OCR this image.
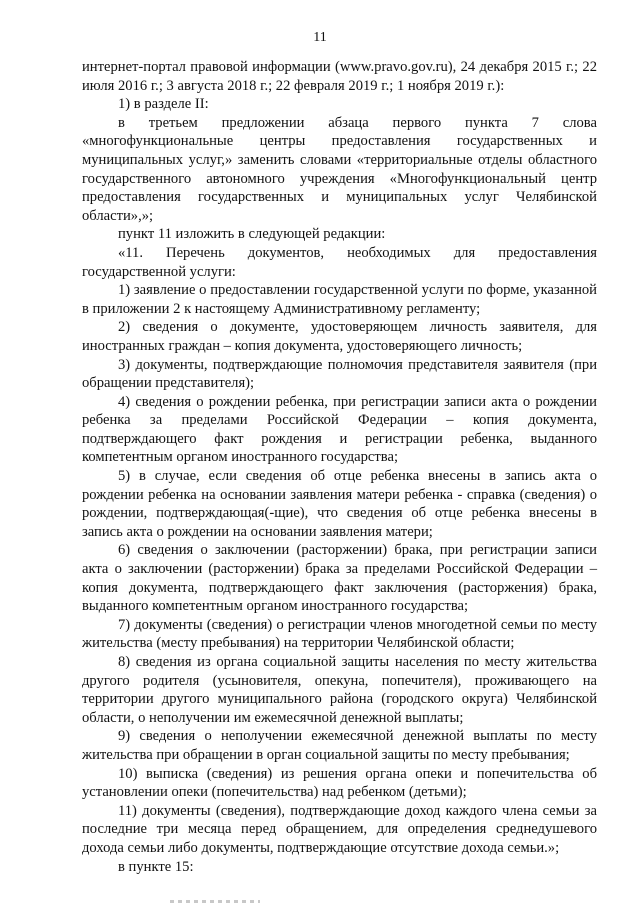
11

интернет-портал правовой информации (www.pravo.gov.ru), 24 декабря 2015 г.; 22 июля 2016 г.; 3 августа 2018 г.; 22 февраля 2019 г.; 1 ноября 2019 г.):

1) в разделе II:

в третьем предложении абзаца первого пункта 7 слова «многофункциональные центры предоставления государственных и муниципальных услуг,» заменить словами «территориальные отделы областного государственного автономного учреждения «Многофункциональный центр предоставления государственных и муниципальных услуг Челябинской области»,»;

пункт 11 изложить в следующей редакции:

«11. Перечень документов, необходимых для предоставления государственной услуги:

1) заявление о предоставлении государственной услуги по форме, указанной в приложении 2 к настоящему Административному регламенту;

2) сведения о документе, удостоверяющем личность заявителя, для иностранных граждан – копия документа, удостоверяющего личность;

3) документы, подтверждающие полномочия представителя заявителя (при обращении представителя);

4) сведения о рождении ребенка, при регистрации записи акта о рождении ребенка за пределами Российской Федерации – копия документа, подтверждающего факт рождения и регистрации ребенка, выданного компетентным органом иностранного государства;

5) в случае, если сведения об отце ребенка внесены в запись акта о рождении ребенка на основании заявления матери ребенка - справка (сведения) о рождении, подтверждающая(-щие), что сведения об отце ребенка внесены в запись акта о рождении на основании заявления матери;

6) сведения о заключении (расторжении) брака, при регистрации записи акта о заключении (расторжении) брака за пределами Российской Федерации – копия документа, подтверждающего факт заключения (расторжения) брака, выданного компетентным органом иностранного государства;

7) документы (сведения) о регистрации членов многодетной семьи по месту жительства (месту пребывания) на территории Челябинской области;

8) сведения из органа социальной защиты населения по месту жительства другого родителя (усыновителя, опекуна, попечителя), проживающего на территории другого муниципального района (городского округа) Челябинской области, о неполучении им ежемесячной денежной выплаты;

9) сведения о неполучении ежемесячной денежной выплаты по месту жительства при обращении в орган социальной защиты по месту пребывания;

10) выписка (сведения) из решения органа опеки и попечительства об установлении опеки (попечительства) над ребенком (детьми);

11) документы (сведения), подтверждающие доход каждого члена семьи за последние три месяца перед обращением, для определения среднедушевого дохода семьи либо документы, подтверждающие отсутствие дохода семьи.»;

в пункте 15:
